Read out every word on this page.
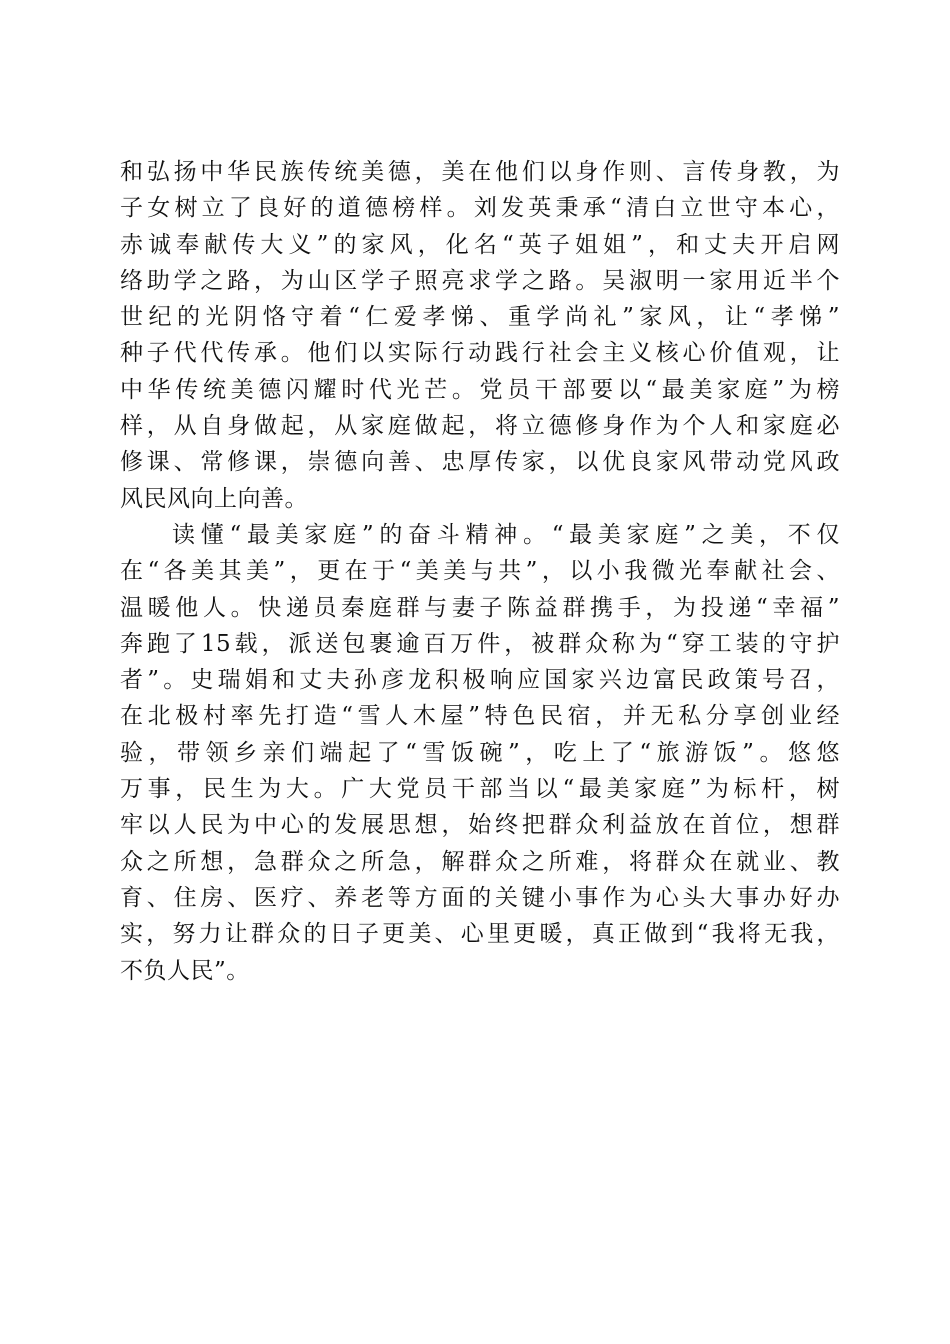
和弘扬中华民族传统美德，美在他们以身作则、言传身教，为
子女树立了良好的道德榜样。刘发英秉承“清白立世守本心，
赤诚奉献传大义”的家风，化名“英子姐姐”，和丈夫开启网
络助学之路，为山区学子照亮求学之路。吴淑明一家用近半个
世纪的光阴恪守着“仁爱孝悌、重学尚礼”家风，让“孝悌”
种子代代传承。他们以实际行动践行社会主义核心价值观，让
中华传统美德闪耀时代光芒。党员干部要以“最美家庭”为榜
样，从自身做起，从家庭做起，将立德修身作为个人和家庭必
修课、常修课，崇德向善、忠厚传家，以优良家风带动党风政
风民风向上向善。
读懂“最美家庭”的奋斗精神。“最美家庭”之美，不仅
在“各美其美”，更在于“美美与共”，以小我微光奉献社会、
温暖他人。快递员秦庭群与妻子陈益群携手，为投递“幸福”
奔跑了15载，派送包裹逾百万件，被群众称为“穿工装的守护
者”。史瑞娟和丈夫孙彦龙积极响应国家兴边富民政策号召，
在北极村率先打造“雪人木屋”特色民宿，并无私分享创业经
验，带领乡亲们端起了“雪饭碗”，吃上了“旅游饭”。悠悠
万事，民生为大。广大党员干部当以“最美家庭”为标杆，树
牢以人民为中心的发展思想，始终把群众利益放在首位，想群
众之所想，急群众之所急，解群众之所难，将群众在就业、教
育、住房、医疗、养老等方面的关键小事作为心头大事办好办
实，努力让群众的日子更美、心里更暖，真正做到“我将无我，
不负人民”。
